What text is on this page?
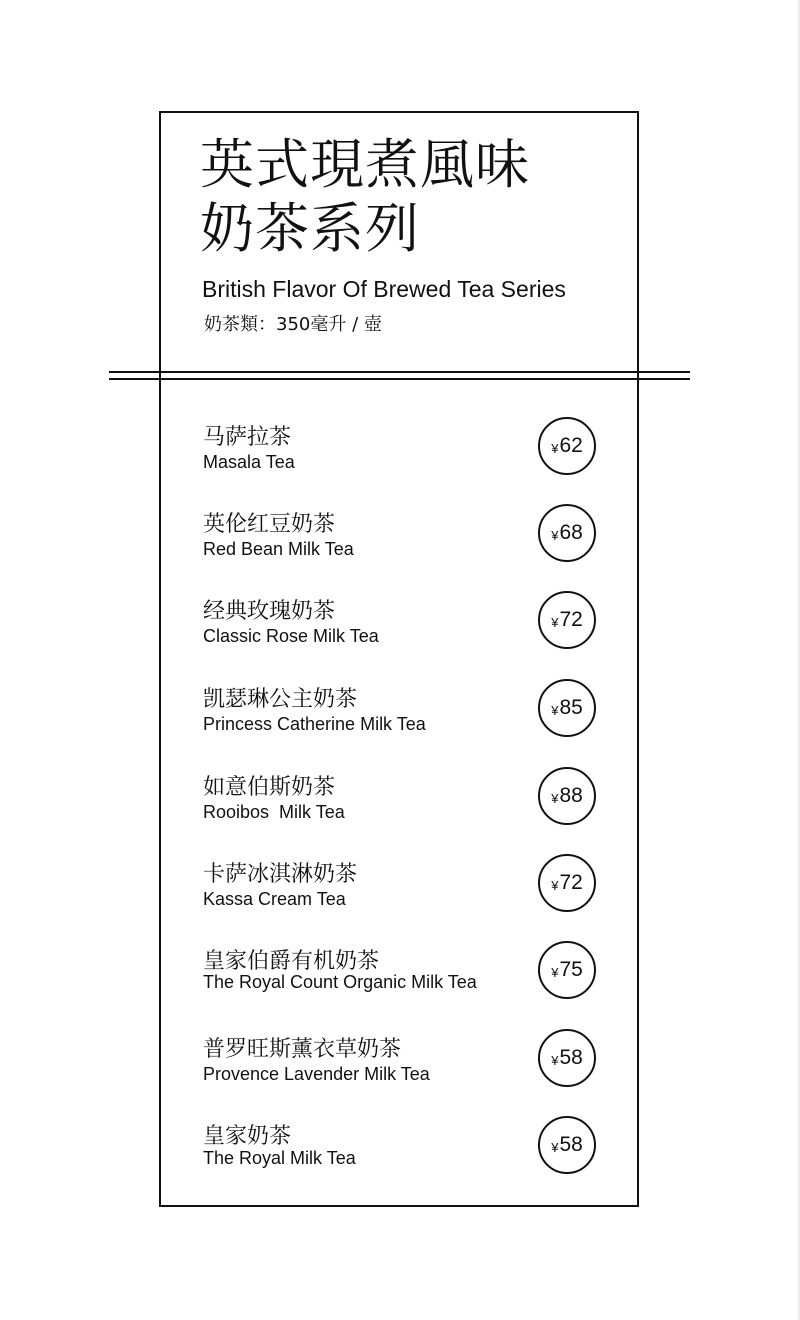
英式現煮風味
奶茶系列
British Flavor Of Brewed Tea Series
奶茶類：350毫升 / 壺
马萨拉茶
Masala Tea
¥ 62
英伦红豆奶茶
Red Bean Milk Tea
¥ 68
经典玫瑰奶茶
Classic Rose Milk Tea
¥ 72
凯瑟琳公主奶茶
Princess Catherine Milk Tea
¥ 85
如意伯斯奶茶
Rooibos  Milk Tea
¥ 88
卡萨冰淇淋奶茶
Kassa Cream Tea
¥ 72
皇家伯爵有机奶茶
The Royal Count Organic Milk Tea	¥ 75
普罗旺斯薰衣草奶茶
Provence Lavender Milk Tea
¥ 58
皇家奶茶
The Royal Milk Tea
¥ 58
